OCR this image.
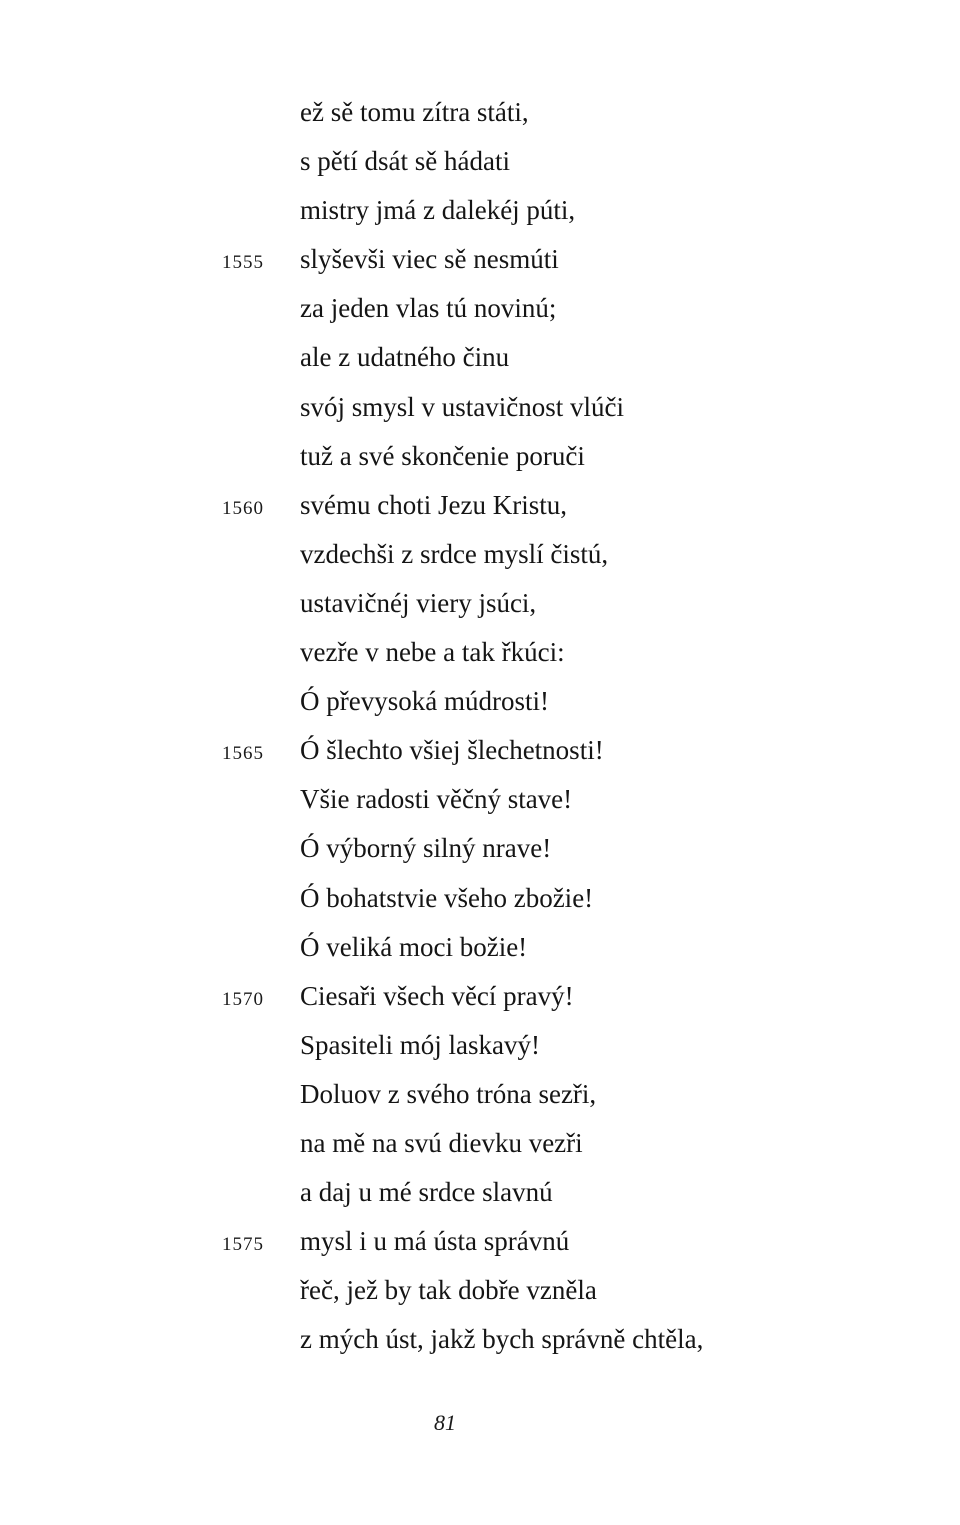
ež sě tomu zítra státi,
s pětí dsát sě hádati
mistry jmá z dalekéj púti,
1555 slyševši viec sě nesmúti
za jeden vlas tú novinú;
ale z udatného činu
svój smysl v ustavičnost vlúči
tuž a své skončenie poruči
1560 svému choti Jezu Kristu,
vzdechši z srdce myslí čistú,
ustavičnéj viery jsúci,
vezře v nebe a tak řkúci:
Ó převysoká múdrosti!
1565 Ó šlechto všiej šlechetnosti!
Všie radosti věčný stave!
Ó výborný silný nrave!
Ó bohatstvie všeho zbožie!
Ó veliká moci božie!
1570 Ciesaři všech věcí pravý!
Spasiteli mój laskavý!
Doluov z svého tróna sezři,
na mě na svú dievku vezři
a daj u mé srdce slavnú
1575 mysl i u má ústa správnú
řeč, jež by tak dobře vzněla
z mých úst, jakž bych správně chtěla,
81
